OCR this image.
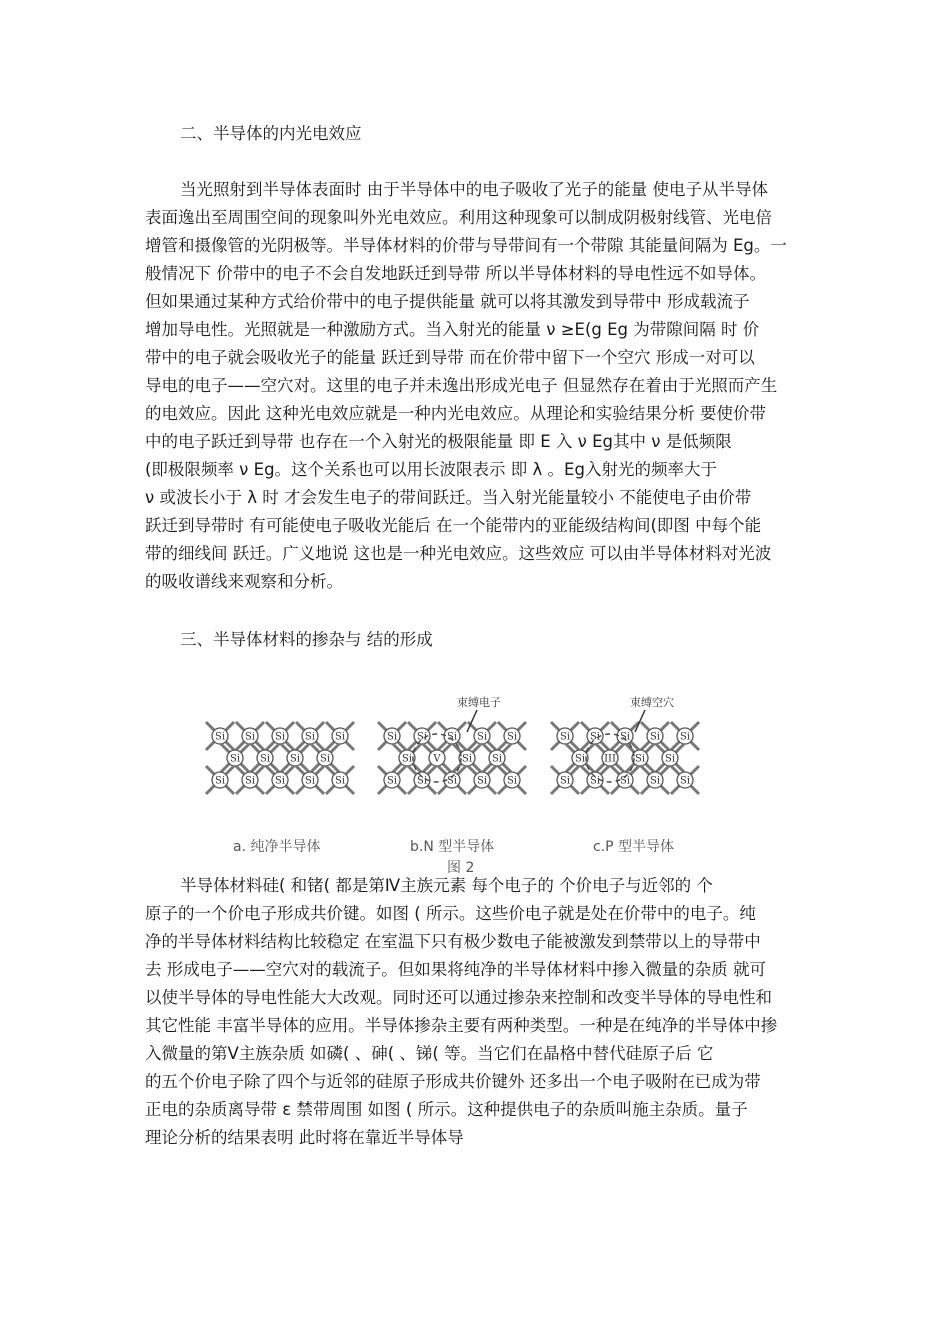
二、半导体的内光电效应
当光照射到半导体表面时 由于半导体中的电子吸收了光子的能量 使电子从半导体
表面逸出至周围空间的现象叫外光电效应。利用这种现象可以制成阴极射线管、光电倍
增管和摄像管的光阴极等。半导体材料的价带与导带间有一个带隙 其能量间隔为 Eg。一
般情况下 价带中的电子不会自发地跃迁到导带 所以半导体材料的导电性远不如导体。
但如果通过某种方式给价带中的电子提供能量 就可以将其激发到导带中 形成载流子
增加导电性。光照就是一种激励方式。当入射光的能量 ν ≥E(g Eg 为带隙间隔 时 价
带中的电子就会吸收光子的能量 跃迁到导带 而在价带中留下一个空穴 形成一对可以
导电的电子——空穴对。这里的电子并未逸出形成光电子 但显然存在着由于光照而产生
的电效应。因此 这种光电效应就是一种内光电效应。从理论和实验结果分析 要使价带
中的电子跃迁到导带 也存在一个入射光的极限能量 即 E 入 ν Eg其中 ν 是低频限
(即极限频率 ν Eg。这个关系也可以用长波限表示 即 λ 。Eg入射光的频率大于
ν 或波长小于 λ 时 才会发生电子的带间跃迁。当入射光能量较小 不能使电子由价带
跃迁到导带时 有可能使电子吸收光能后 在一个能带内的亚能级结构间(即图 中每个能
带的细线间 跃迁。广义地说 这也是一种光电效应。这些效应 可以由半导体材料对光波
的吸收谱线来观察和分析。
三、半导体材料的掺杂与 结的形成
Si Si Si Si Si
Si Si Si Si
Si Si Si Si Si
Si Si Si Si Si
Si V Si Si
Si Si Si Si Si
Si Si Si Si Si
Si III Si Si
Si Si Si Si Si
束缚电子	束缚空穴
a. 纯净半导体	b.N 型半导体	c.P 型半导体
图 2
半导体材料硅( 和锗( 都是第Ⅳ主族元素 每个电子的 个价电子与近邻的 个
原子的一个价电子形成共价键。如图 ( 所示。这些价电子就是处在价带中的电子。纯
净的半导体材料结构比较稳定 在室温下只有极少数电子能被激发到禁带以上的导带中
去 形成电子——空穴对的载流子。但如果将纯净的半导体材料中掺入微量的杂质 就可
以使半导体的导电性能大大改观。同时还可以通过掺杂来控制和改变半导体的导电性和
其它性能 丰富半导体的应用。半导体掺杂主要有两种类型。一种是在纯净的半导体中掺
入微量的第Ⅴ主族杂质 如磷( 、砷( 、锑( 等。当它们在晶格中替代硅原子后 它
的五个价电子除了四个与近邻的硅原子形成共价键外 还多出一个电子吸附在已成为带
正电的杂质离导带 ε 禁带周围 如图 ( 所示。这种提供电子的杂质叫施主杂质。量子
理论分析的结果表明 此时将在靠近半导体导
